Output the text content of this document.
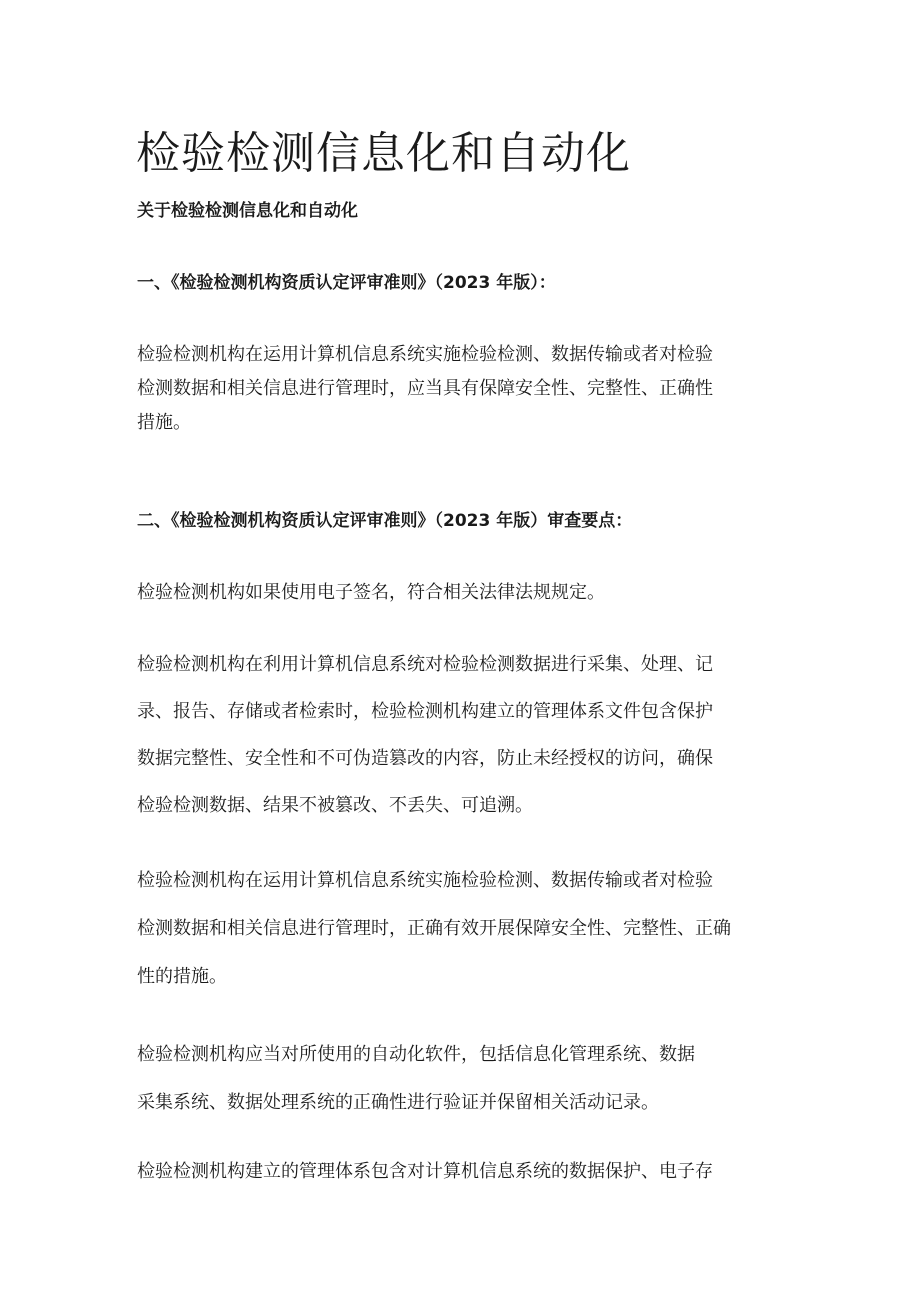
检验检测信息化和自动化
关于检验检测信息化和自动化
一、《检验检测机构资质认定评审准则》（2023 年版）：

检验检测机构在运用计算机信息系统实施检验检测、数据传输或者对检验
检测数据和相关信息进行管理时，应当具有保障安全性、完整性、正确性
措施。

二、《检验检测机构资质认定评审准则》（2023 年版）审查要点：

检验检测机构如果使用电子签名，符合相关法律法规规定。

检验检测机构在利用计算机信息系统对检验检测数据进行采集、处理、记
录、报告、存储或者检索时，检验检测机构建立的管理体系文件包含保护
数据完整性、安全性和不可伪造篡改的内容，防止未经授权的访问，确保
检验检测数据、结果不被篡改、不丢失、可追溯。

检验检测机构在运用计算机信息系统实施检验检测、数据传输或者对检验
检测数据和相关信息进行管理时，正确有效开展保障安全性、完整性、正确
性的措施。

检验检测机构应当对所使用的自动化软件，包括信息化管理系统、数据
采集系统、数据处理系统的正确性进行验证并保留相关活动记录。

检验检测机构建立的管理体系包含对计算机信息系统的数据保护、电子存
